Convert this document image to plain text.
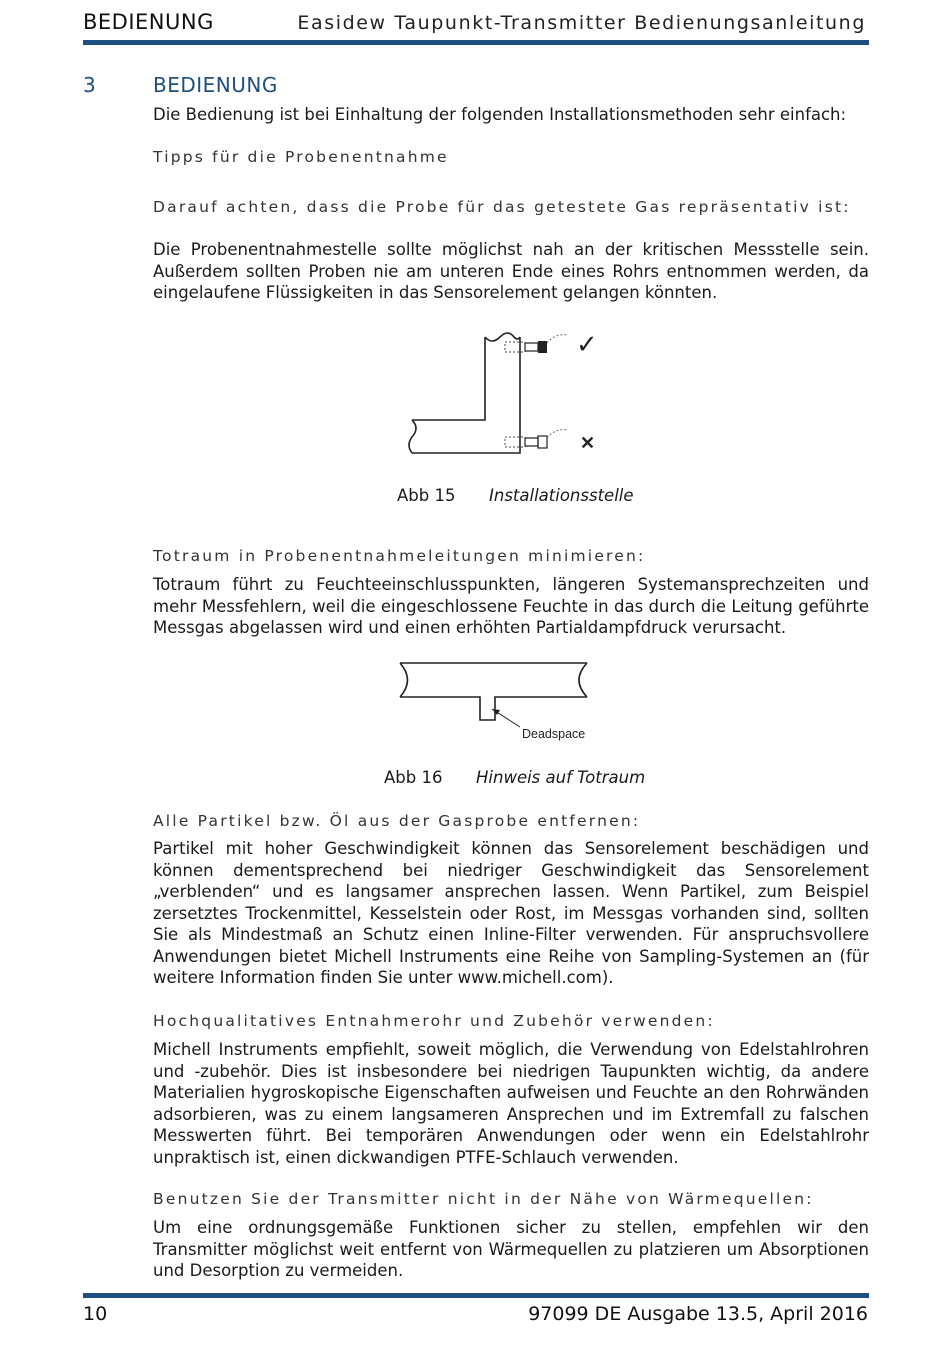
BEDIENUNG	Easidew Taupunkt-Transmitter Bedienungsanleitung
3	BEDIENUNG
Die Bedienung ist bei Einhaltung der folgenden Installationsmethoden sehr einfach:
Tipps für die Probenentnahme
Darauf achten, dass die Probe für das getestete Gas repräsentativ ist:
Die Probenentnahmestelle sollte möglichst nah an der kritischen Messstelle sein. Außerdem sollten Proben nie am unteren Ende eines Rohrs entnommen werden, da eingelaufene Flüssigkeiten in das Sensorelement gelangen könnten.
✓
✕
Abb 15 Installationsstelle
Totraum in Probenentnahmeleitungen minimieren:
Totraum führt zu Feuchteeinschlusspunkten, längeren Systemansprechzeiten und mehr Messfehlern, weil die eingeschlossene Feuchte in das durch die Leitung geführte Messgas abgelassen wird und einen erhöhten Partialdampfdruck verursacht.
Deadspace
Abb 16 Hinweis auf Totraum
Alle Partikel bzw. Öl aus der Gasprobe entfernen:
Partikel mit hoher Geschwindigkeit können das Sensorelement beschädigen und können dementsprechend bei niedriger Geschwindigkeit das Sensorelement „verblenden“ und es langsamer ansprechen lassen. Wenn Partikel, zum Beispiel zersetztes Trockenmittel, Kesselstein oder Rost, im Messgas vorhanden sind, sollten Sie als Mindestmaß an Schutz einen Inline-Filter verwenden. Für anspruchsvollere Anwendungen bietet Michell Instruments eine Reihe von Sampling-Systemen an (für weitere Information finden Sie unter www.michell.com).
Hochqualitatives Entnahmerohr und Zubehör verwenden:
Michell Instruments empfiehlt, soweit möglich, die Verwendung von Edelstahlrohren und -zubehör. Dies ist insbesondere bei niedrigen Taupunkten wichtig, da andere Materialien hygroskopische Eigenschaften aufweisen und Feuchte an den Rohrwänden adsorbieren, was zu einem langsameren Ansprechen und im Extremfall zu falschen Messwerten führt. Bei temporären Anwendungen oder wenn ein Edelstahlrohr unpraktisch ist, einen dickwandigen PTFE-Schlauch verwenden.
Benutzen Sie der Transmitter nicht in der Nähe von Wärmequellen:
Um eine ordnungsgemäße Funktionen sicher zu stellen, empfehlen wir den Transmitter möglichst weit entfernt von Wärmequellen zu platzieren um Absorptionen und Desorption zu vermeiden.
10	97099 DE Ausgabe 13.5, April 2016
